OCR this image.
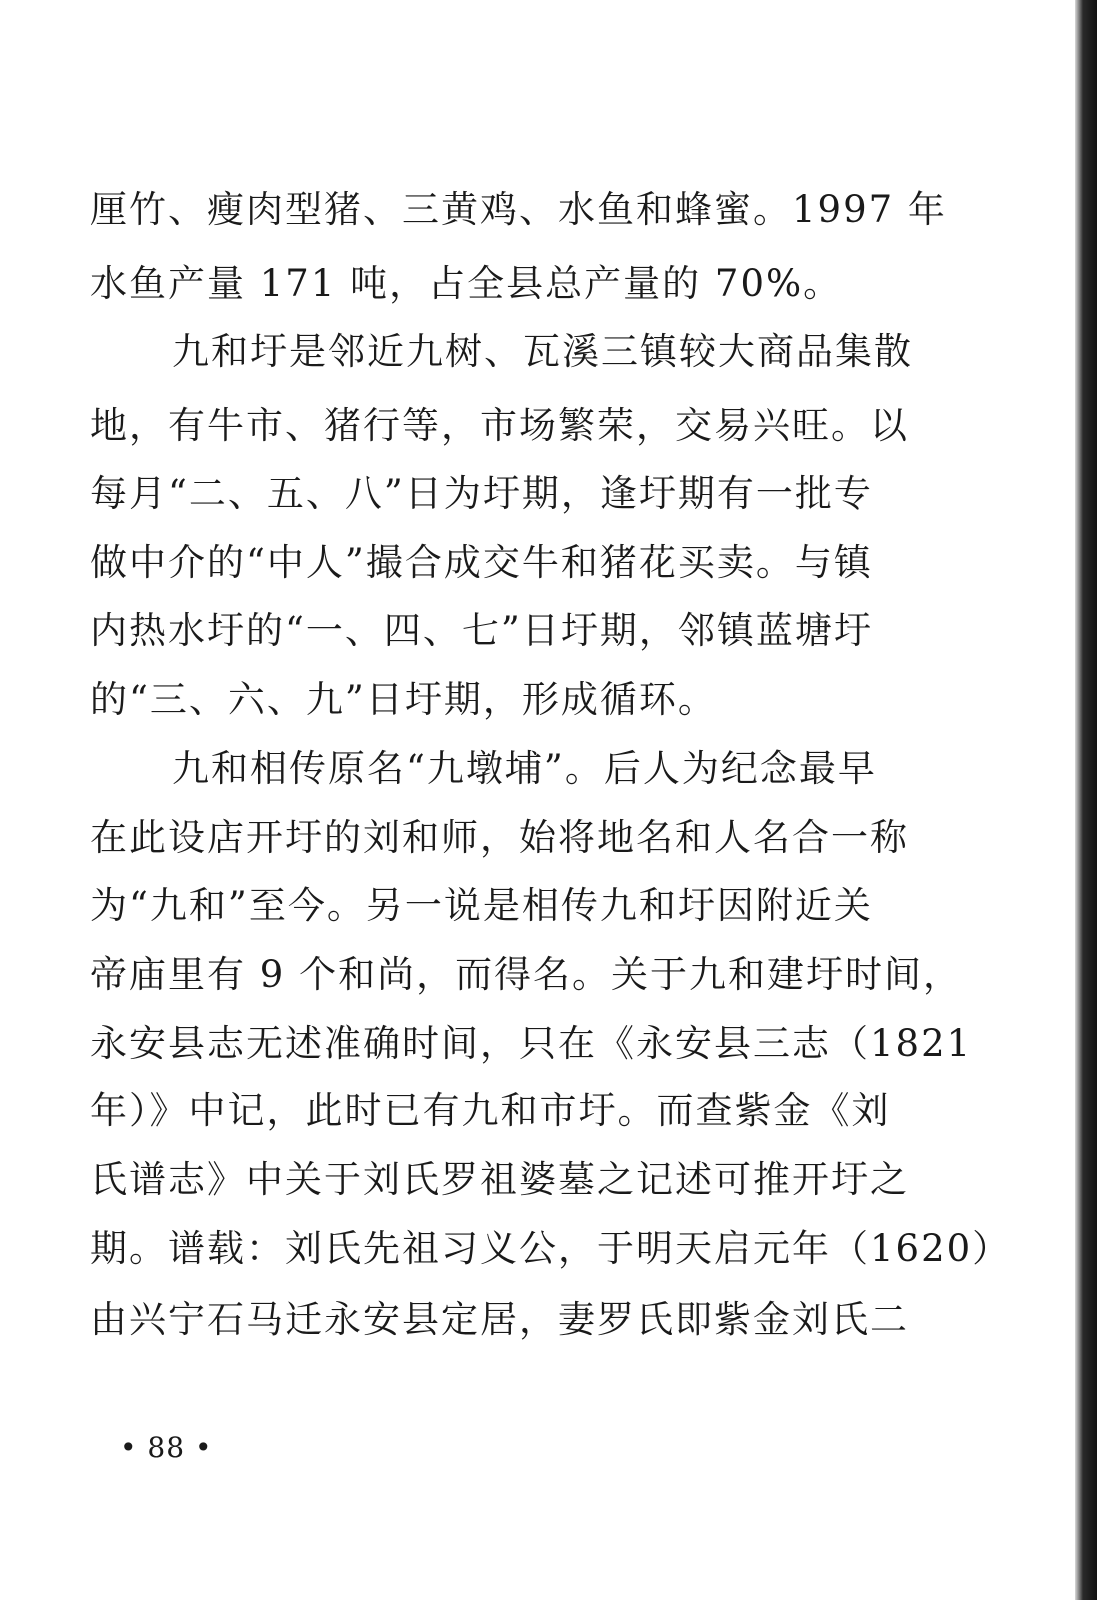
厘竹、瘦肉型猪、三黄鸡、水鱼和蜂蜜。1997 年
水鱼产量 171 吨，占全县总产量的 70%。
九和圩是邻近九树、瓦溪三镇较大商品集散
地，有牛市、猪行等，市场繁荣，交易兴旺。以
每月“二、五、八”日为圩期，逢圩期有一批专
做中介的“中人”撮合成交牛和猪花买卖。与镇
内热水圩的“一、四、七”日圩期，邻镇蓝塘圩
的“三、六、九”日圩期，形成循环。
九和相传原名“九墩埔”。后人为纪念最早
在此设店开圩的刘和师，始将地名和人名合一称
为“九和”至今。另一说是相传九和圩因附近关
帝庙里有 9 个和尚，而得名。关于九和建圩时间，
永安县志无述准确时间，只在《永安县三志（1821
年）》中记，此时已有九和市圩。而查紫金《刘
氏谱志》中关于刘氏罗祖婆墓之记述可推开圩之
期。谱载：刘氏先祖习义公，于明天启元年（1620）
由兴宁石马迁永安县定居，妻罗氏即紫金刘氏二
• 88 •
